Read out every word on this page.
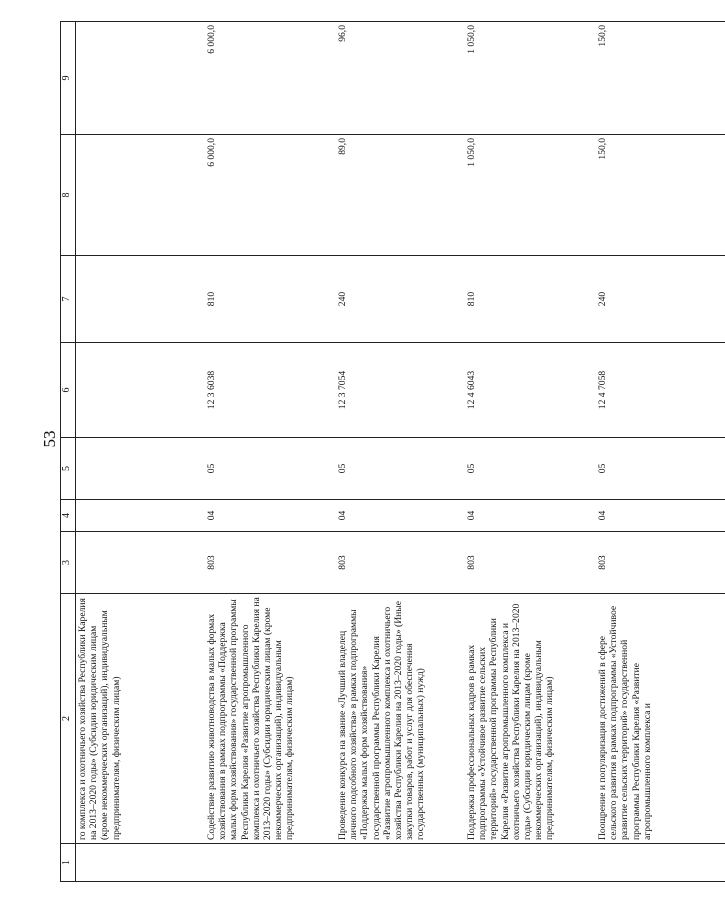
53
1	2	3	4	5	6	7	8	9
	го комплекса и охотничьего хозяйства Республики Карелия на 2013–2020 годы» (Субсидии юридическим лицам (кроме некоммерческих организаций), индивидуальным предпринимателям, физическим лицам)							
	Содействие развитию животноводства в малых формах хозяйствования в рамках подпрограммы «Поддержка малых форм хозяйствования» государственной программы Республики Карелия «Развитие агропромышленного комплекса и охотничьего хозяйства Республики Карелия на 2013–2020 годы» (Субсидии юридическим лицам (кроме некоммерческих организаций), индивидуальным предпринимателям, физическим лицам)	803	04	05	12 3 6038	810	6 000,0	6 000,0
	Проведение конкурса на звание «Лучший владелец личного подсобного хозяйства» в рамках подпрограммы «Поддержка малых форм хозяйствования» государственной программы Республики Карелия «Развитие агропромышленного комплекса и охотничьего хозяйства Республики Карелия на 2013–2020 годы» (Иные закупки товаров, работ и услуг для обеспечения государственных (муниципальных) нужд)	803	04	05	12 3 7054	240	89,0	96,0
	Поддержка профессиональных кадров в рамках подпрограммы «Устойчивое развитие сельских территорий» государственной программы Республики Карелия «Развитие агропромышленного комплекса и охотничьего хозяйства Республики Карелия на 2013–2020 годы» (Субсидии юридическим лицам (кроме некоммерческих организаций), индивидуальным предпринимателям, физическим лицам)	803	04	05	12 4 6043	810	1 050,0	1 050,0
	Поощрение и популяризация достижений в сфере сельского развития в рамках подпрограммы «Устойчивое развитие сельских территорий» государственной программы Республики Карелия «Развитие агропромышленного комплекса и	803	04	05	12 4 7058	240	150,0	150,0
